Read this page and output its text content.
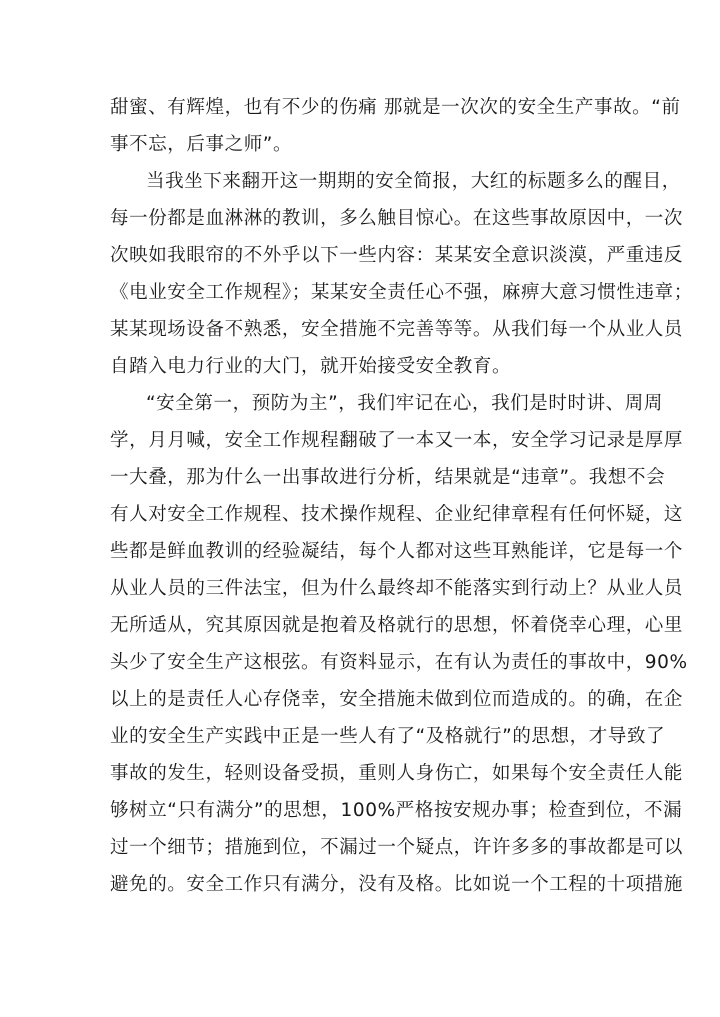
甜蜜、有辉煌，也有不少的伤痛 那就是一次次的安全生产事故。“前
事不忘，后事之师”。
当我坐下来翻开这一期期的安全简报，大红的标题多么的醒目，
每一份都是血淋淋的教训，多么触目惊心。在这些事故原因中，一次
次映如我眼帘的不外乎以下一些内容：某某安全意识淡漠，严重违反
《电业安全工作规程》；某某安全责任心不强，麻痹大意习惯性违章；
某某现场设备不熟悉，安全措施不完善等等。从我们每一个从业人员
自踏入电力行业的大门，就开始接受安全教育。
“安全第一，预防为主”，我们牢记在心，我们是时时讲、周周
学，月月喊，安全工作规程翻破了一本又一本，安全学习记录是厚厚
一大叠，那为什么一出事故进行分析，结果就是“违章”。我想不会
有人对安全工作规程、技术操作规程、企业纪律章程有任何怀疑，这
些都是鲜血教训的经验凝结，每个人都对这些耳熟能详，它是每一个
从业人员的三件法宝，但为什么最终却不能落实到行动上？从业人员
无所适从，究其原因就是抱着及格就行的思想，怀着侥幸心理，心里
头少了安全生产这根弦。有资料显示，在有认为责任的事故中，90%
以上的是责任人心存侥幸，安全措施未做到位而造成的。的确，在企
业的安全生产实践中正是一些人有了“及格就行”的思想，才导致了
事故的发生，轻则设备受损，重则人身伤亡，如果每个安全责任人能
够树立“只有满分”的思想，100%严格按安规办事；检查到位，不漏
过一个细节；措施到位，不漏过一个疑点，许许多多的事故都是可以
避免的。安全工作只有满分，没有及格。比如说一个工程的十项措施
